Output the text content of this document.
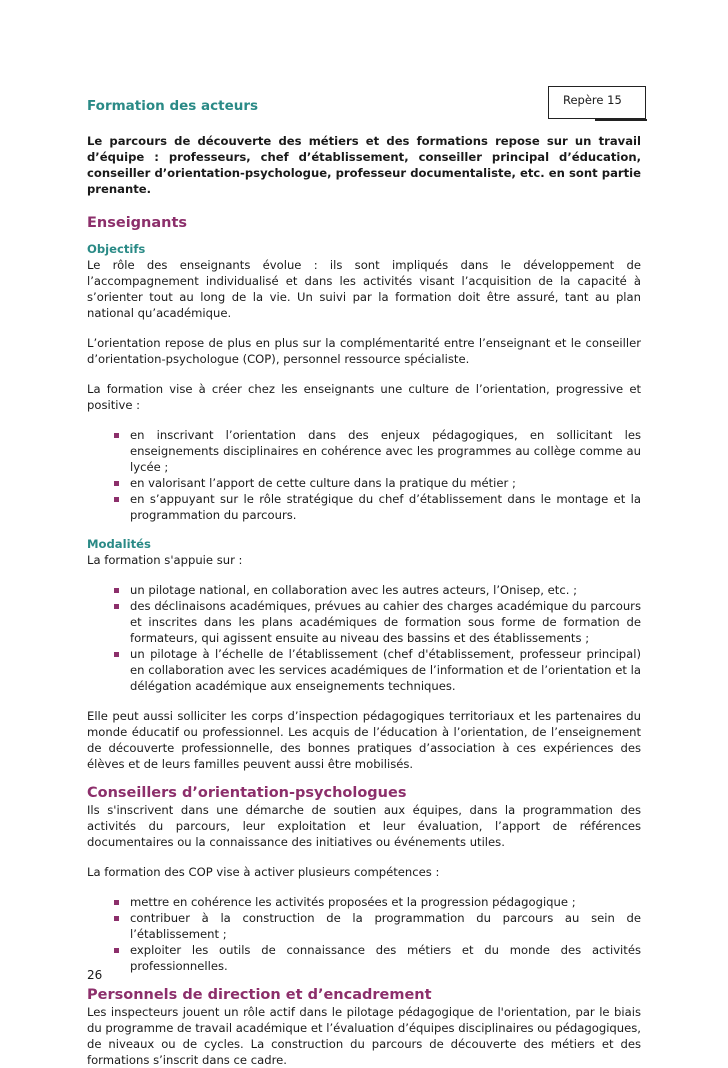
Repère 15
Formation des acteurs

Le parcours de découverte des métiers et des formations repose sur un travail d’équipe : professeurs, chef d’établissement, conseiller principal d’éducation, conseiller d’orientation-psychologue, professeur documentaliste, etc. en sont partie prenante.

Enseignants
Objectifs

Le rôle des enseignants évolue : ils sont impliqués dans le développement de l’accompagnement individualisé et dans les activités visant l’acquisition de la capacité à s’orienter tout au long de la vie. Un suivi par la formation doit être assuré, tant au plan national qu’académique.

L’orientation repose de plus en plus sur la complémentarité entre l’enseignant et le conseiller d’orientation-psychologue (COP), personnel ressource spécialiste.

La formation vise à créer chez les enseignants une culture de l’orientation, progressive et positive :

en inscrivant l’orientation dans des enjeux pédagogiques, en sollicitant les enseignements disciplinaires en cohérence avec les programmes au collège comme au lycée ;
en valorisant l’apport de cette culture dans la pratique du métier ;
en s’appuyant sur le rôle stratégique du chef d’établissement dans le montage et la programmation du parcours.
Modalités

La formation s'appuie sur :

un pilotage national, en collaboration avec les autres acteurs, l’Onisep, etc. ;
des déclinaisons académiques, prévues au cahier des charges académique du parcours et inscrites dans les plans académiques de formation sous forme de formation de formateurs, qui agissent ensuite au niveau des bassins et des établissements ;
un pilotage à l’échelle de l’établissement (chef d'établissement, professeur principal) en collaboration avec les services académiques de l’information et de l’orientation et la délégation académique aux enseignements techniques.

Elle peut aussi solliciter les corps d’inspection pédagogiques territoriaux et les partenaires du monde éducatif ou professionnel. Les acquis de l’éducation à l’orientation, de l’enseignement de découverte professionnelle, des bonnes pratiques d’association à ces expériences des élèves et de leurs familles peuvent aussi être mobilisés.

Conseillers d’orientation-psychologues

Ils s'inscrivent dans une démarche de soutien aux équipes, dans la programmation des activités du parcours, leur exploitation et leur évaluation, l’apport de références documentaires ou la connaissance des initiatives ou événements utiles.

La formation des COP vise à activer plusieurs compétences :

mettre en cohérence les activités proposées et la progression pédagogique ;
contribuer à la construction de la programmation du parcours au sein de l’établissement ;
exploiter les outils de connaissance des métiers et du monde des activités professionnelles.
Personnels de direction et d’encadrement

Les inspecteurs jouent un rôle actif dans le pilotage pédagogique de l'orientation, par le biais du programme de travail académique et l’évaluation d’équipes disciplinaires ou pédagogiques, de niveaux ou de cycles. La construction du parcours de découverte des métiers et des formations s’inscrit dans ce cadre.

26
